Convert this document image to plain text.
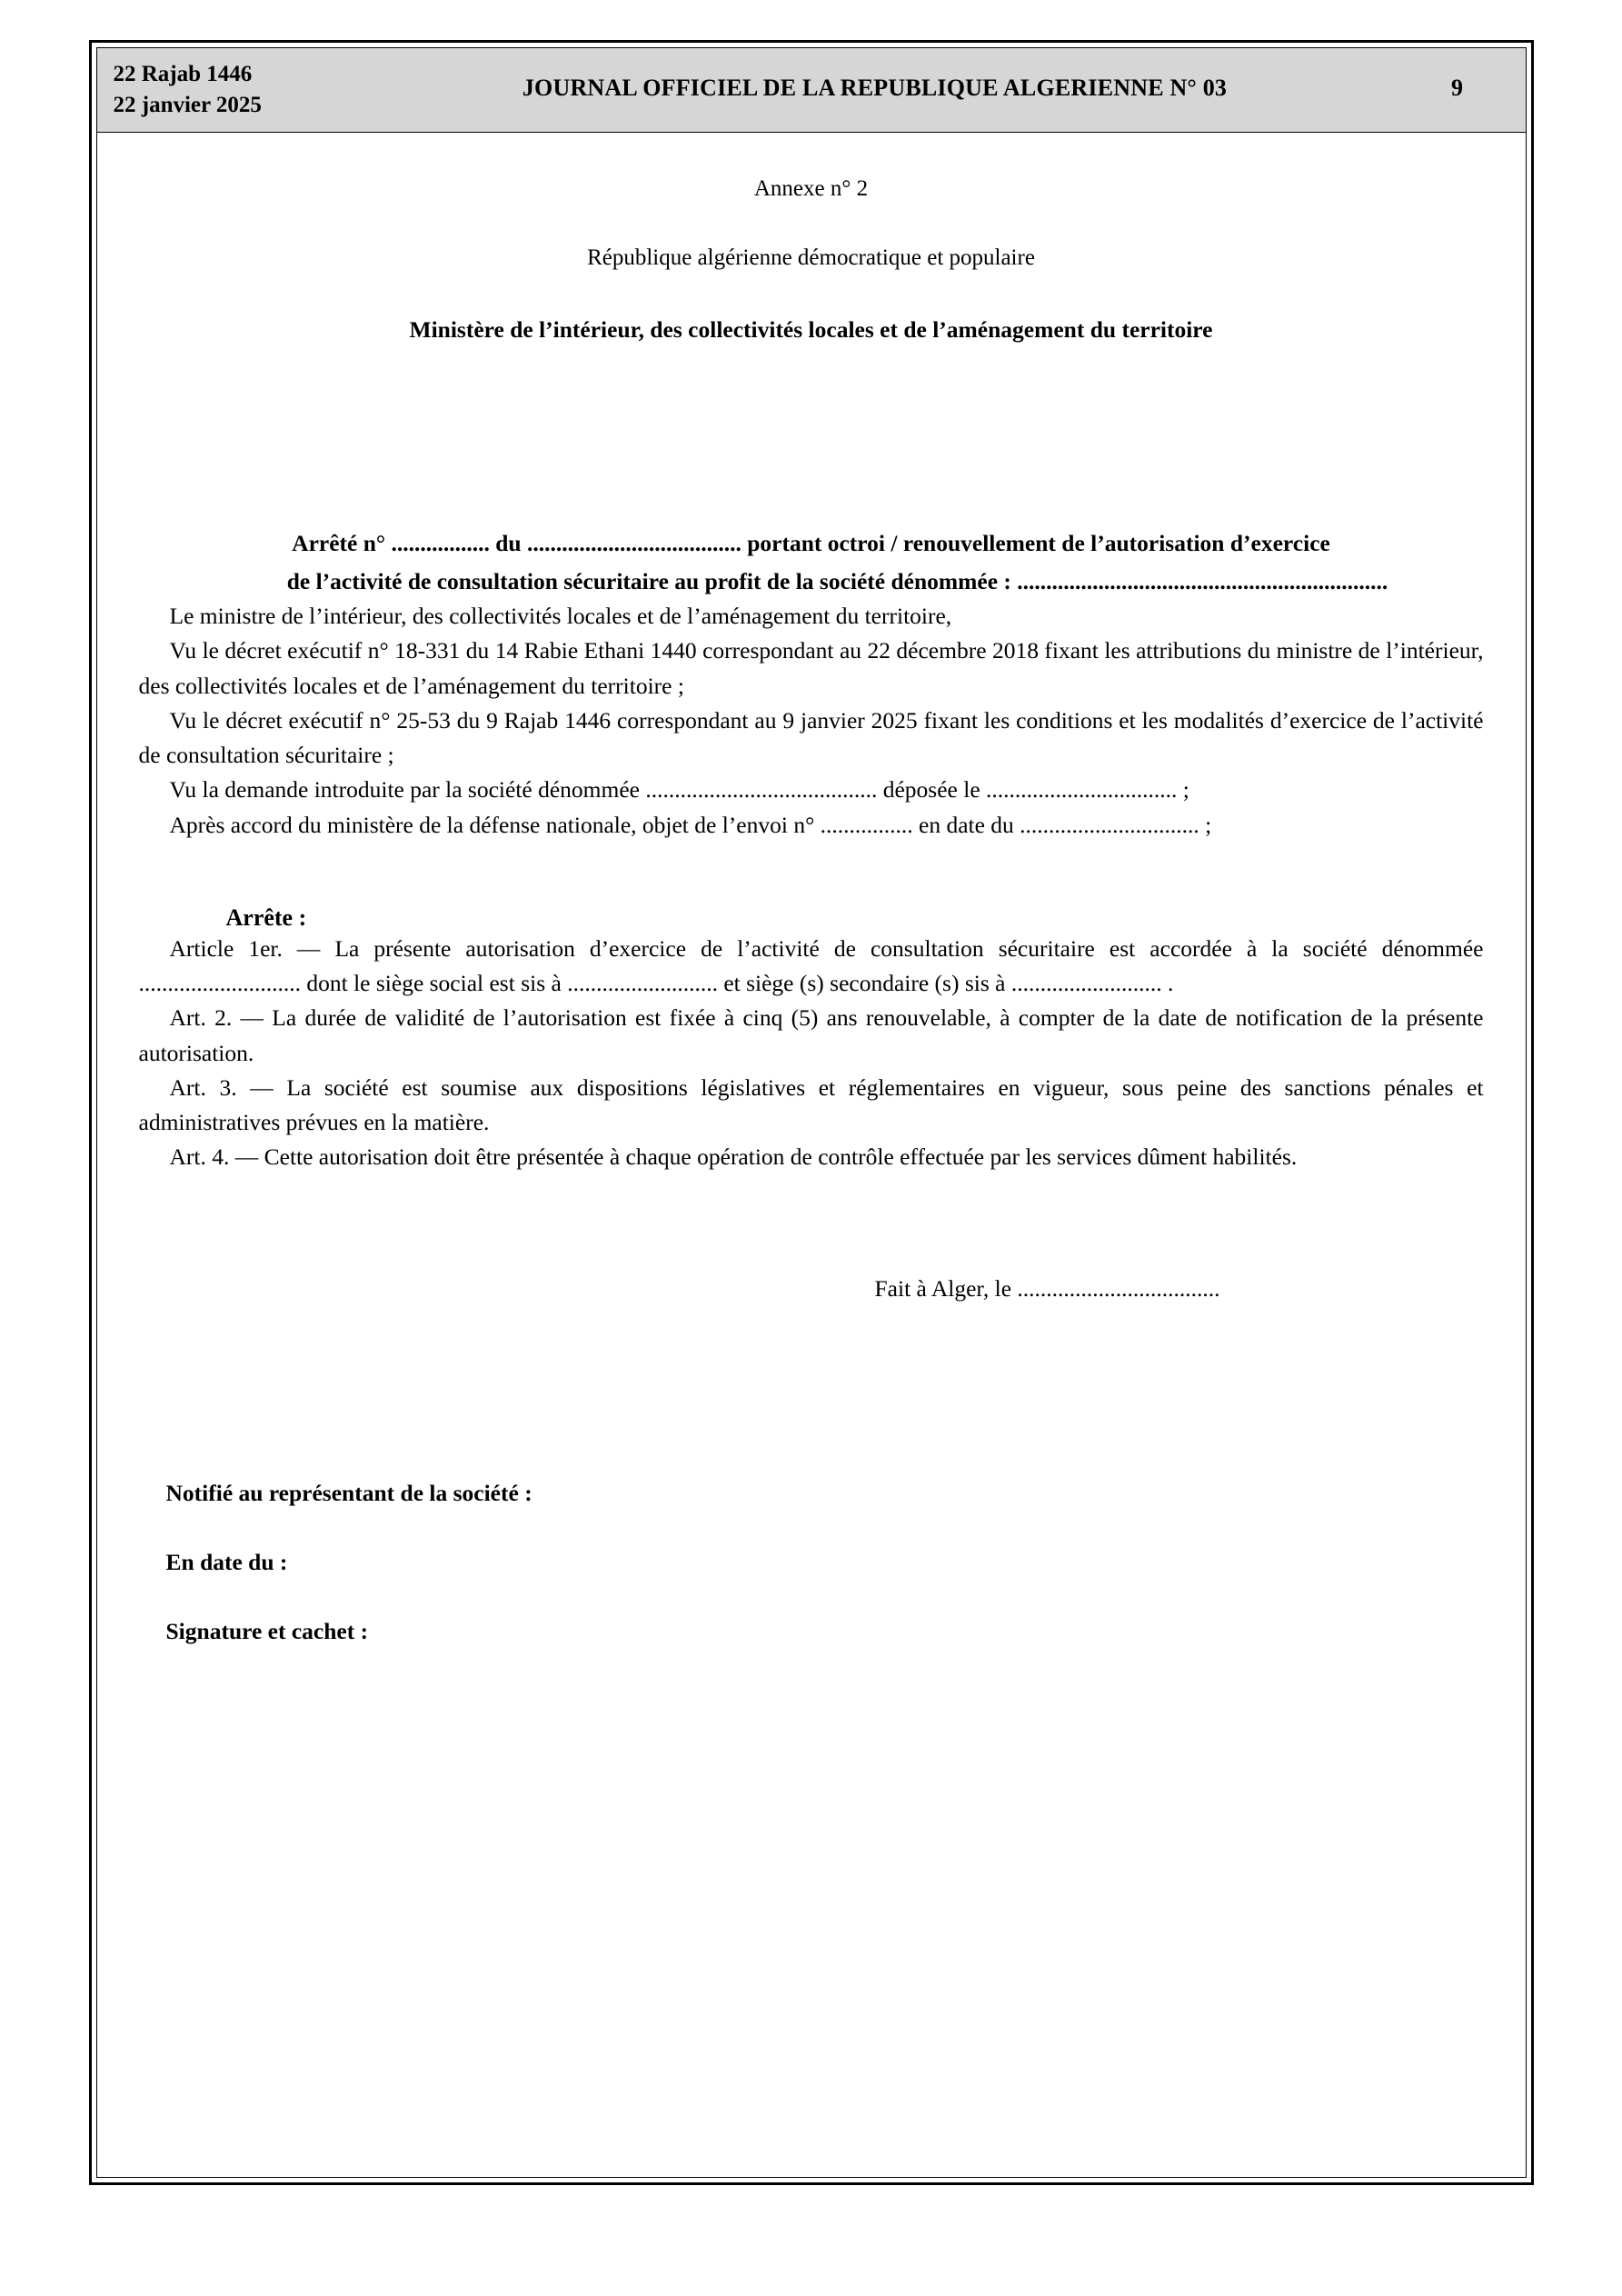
22 Rajab 1446
22 janvier 2025
JOURNAL OFFICIEL DE LA REPUBLIQUE ALGERIENNE N° 03	9
Annexe n° 2
République algérienne démocratique et populaire
Ministère de l’intérieur, des collectivités locales et de l’aménagement du territoire
Arrêté n° ................. du ..................................... portant octroi / renouvellement de l’autorisation d’exercice
de l’activité de consultation sécuritaire au profit de la société dénommée : ................................................................

Le ministre de l’intérieur, des collectivités locales et de l’aménagement du territoire,

Vu le décret exécutif n° 18-331 du 14 Rabie Ethani 1440 correspondant au 22 décembre 2018 fixant les attributions du ministre de l’intérieur, des collectivités locales et de l’aménagement du territoire ;

Vu le décret exécutif n° 25-53 du 9 Rajab 1446 correspondant au 9 janvier 2025 fixant les conditions et les modalités d’exercice de l’activité de consultation sécuritaire ;

Vu la demande introduite par la société dénommée ........................................ déposée le ................................. ;

Après accord du ministère de la défense nationale, objet de l’envoi n° ................ en date du ............................... ;

Arrête :

Article 1er. — La présente autorisation d’exercice de l’activité de consultation sécuritaire est accordée à la société dénommée ............................ dont le siège social est sis à .......................... et siège (s) secondaire (s) sis à .......................... .

Art. 2. — La durée de validité de l’autorisation est fixée à cinq (5) ans renouvelable, à compter de la date de notification de la présente autorisation.

Art. 3. — La société est soumise aux dispositions législatives et réglementaires en vigueur, sous peine des sanctions pénales et administratives prévues en la matière.

Art. 4. — Cette autorisation doit être présentée à chaque opération de contrôle effectuée par les services dûment habilités.

Fait à Alger, le ...................................
Notifié au représentant de la société :
En date du :
Signature et cachet :
